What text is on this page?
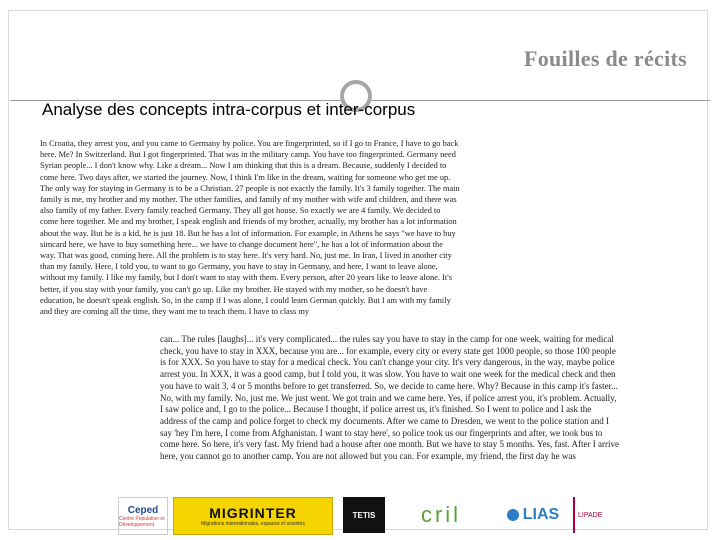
Fouilles de récits
Analyse des concepts intra-corpus et inter-corpus
In Croatia, they arrest you, and you came to Germany by police. You are fingerprinted, so if I go to France, I have to go back here. Me? In Switzerland. But I got fingerprinted. That was in the military camp. You have too fingerprinted. Germany need Syrian people... I don't know why. Like a dream... Now I am thinking that this is a dream. Because, suddenly I decided to come here. Two days after, we started the journey. Now, I think I'm like in the dream, waiting for someone who get me up. The only way for staying in Germany is to be a Christian. 27 people is not exactly the family. It's 3 family together. The main family is me, my brother and my mother. The other families, and family of my mother with wife and children, and there was also family of my father. Every family reached Germany. They all got house. So exactly we are 4 family. We decided to come here together. Me and my brother, I speak english and friends of my brother, actually, my brother has a lot information about the way. But he is a kid, he is just 18. But he has a lot of information. For example, in Athens he says "we have to buy simcard here, we have to buy something here... we have to change document here", he has a lot of information about the way. That was good, coming here. All the problem is to stay here. It's very hard. No, just me. In Iran, I lived in another city than my family. Here, I told you, to want to go Germany, you have to stay in Germany, and here, I want to leave alone, without my family. I like my family, but I don't want to stay with them. Every person, after 20 years like to leave alone. It's better, if you stay with your family, you can't go up. Like my brother. He stayed with my mother, so he doesn't have education, he doesn't speak english. So, in the camp if I was alone, I could learn German quickly. But I am with my family and they are coming all the time, they want me to teach them. I have to class my
can... The rules [laughs]... it's very complicated... the rules say you have to stay in the camp for one week, waiting for medical check, you have to stay in XXX, because you are... for example, every city or every state get 1000 people, so those 100 people is for XXX. So you have to stay for a medical check. You can't change your city. It's very dangerous, in the way, maybe police arrest you. In XXX, it was a good camp, but I told you, it was slow. You have to wait one week for the medical check and then you have to wait 3, 4 or 5 months before to get transferred. So, we decide to came here. Why? Because in this camp it's faster... No, with my family. No, just me. We just went. We got train and we came here. Yes, if police arrest you, it's problem. Actually, I saw police and, I go to the police... Because I thought, if police arrest us, it's finished. So I went to police and I ask the address of the camp and police forget to check my documents. After we came to Dresden, we went to the police station and I say 'hey I'm here, I come from Afghanistan. I want to stay here', so police took us our fingerprints and after, we took bus to come here. So here, it's very fast. My friend had a house after one month. But we have to stay 5 months. Yes, fast. After I arrive here, you cannot go to another camp. You are not allowed but you can. For example, my friend, the first day he was
Ceped
Centre Population et Développement
MIGRINTER
Migrations internationales, espaces et sociétés
TETIS	cril	LIAS	LIPADE
